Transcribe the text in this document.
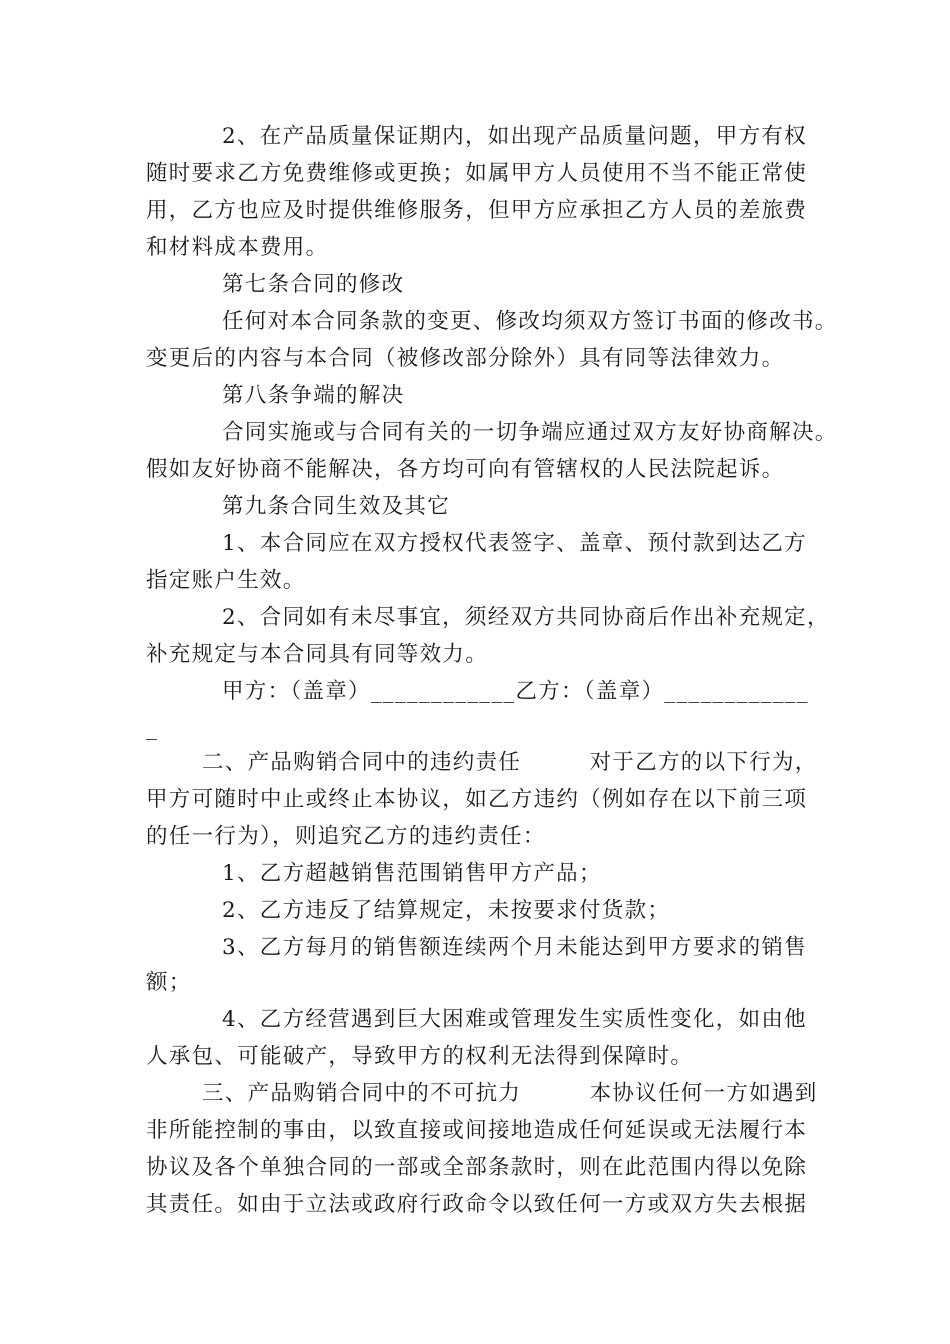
2、在产品质量保证期内，如出现产品质量问题，甲方有权
随时要求乙方免费维修或更换；如属甲方人员使用不当不能正常使
用，乙方也应及时提供维修服务，但甲方应承担乙方人员的差旅费
和材料成本费用。
第七条合同的修改
任何对本合同条款的变更、修改均须双方签订书面的修改书。
变更后的内容与本合同（被修改部分除外）具有同等法律效力。
第八条争端的解决
合同实施或与合同有关的一切争端应通过双方友好协商解决。
假如友好协商不能解决，各方均可向有管辖权的人民法院起诉。
第九条合同生效及其它
1、本合同应在双方授权代表签字、盖章、预付款到达乙方
指定账户生效。
2、合同如有未尽事宜，须经双方共同协商后作出补充规定，
补充规定与本合同具有同等效力。
甲方：（盖章）____________乙方：（盖章）____________
_
二、产品购销合同中的违约责任　　　对于乙方的以下行为，
甲方可随时中止或终止本协议，如乙方违约（例如存在以下前三项
的任一行为），则追究乙方的违约责任：
1、乙方超越销售范围销售甲方产品；
2、乙方违反了结算规定，未按要求付货款；
3、乙方每月的销售额连续两个月未能达到甲方要求的销售
额；
4、乙方经营遇到巨大困难或管理发生实质性变化，如由他
人承包、可能破产，导致甲方的权利无法得到保障时。
三、产品购销合同中的不可抗力　　　本协议任何一方如遇到
非所能控制的事由，以致直接或间接地造成任何延误或无法履行本
协议及各个单独合同的一部或全部条款时，则在此范围内得以免除
其责任。如由于立法或政府行政命令以致任何一方或双方失去根据
